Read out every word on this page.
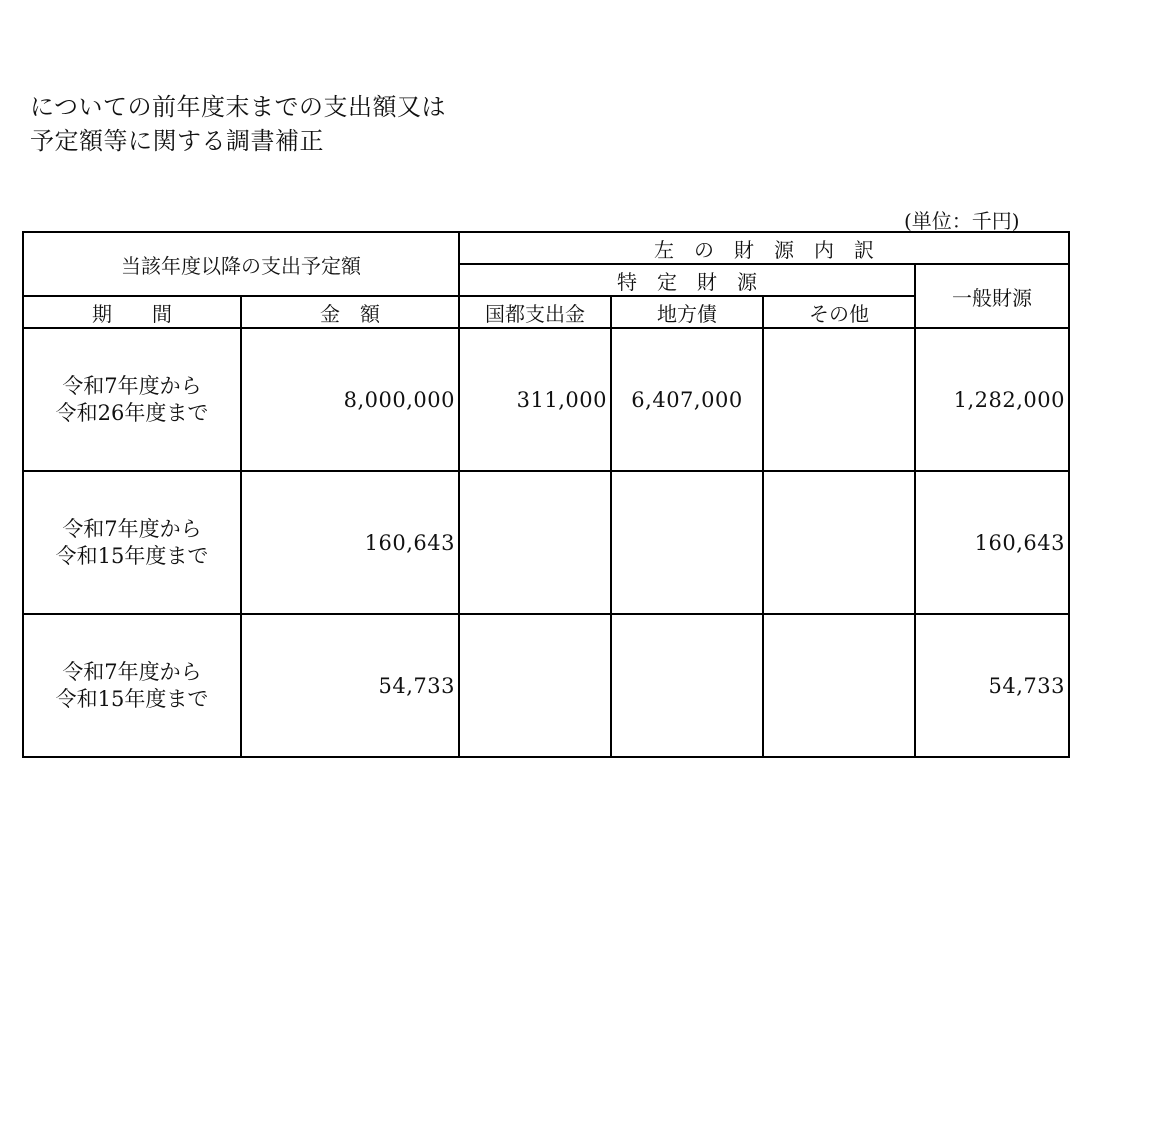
についての前年度末までの支出額又は
予定額等に関する調書補正
(単位：千円)
当該年度以降の支出予定額		左　の　財　源　内　訳			
		特　定　財　源			一般財源
期　　間	金　額	国都支出金	地方債	その他	

令和7年度から
令和26年度まで	8,000,000	311,000	6,407,000		1,282,000

令和7年度から
令和15年度まで	160,643				160,643

令和7年度から
令和15年度まで	54,733				54,733
